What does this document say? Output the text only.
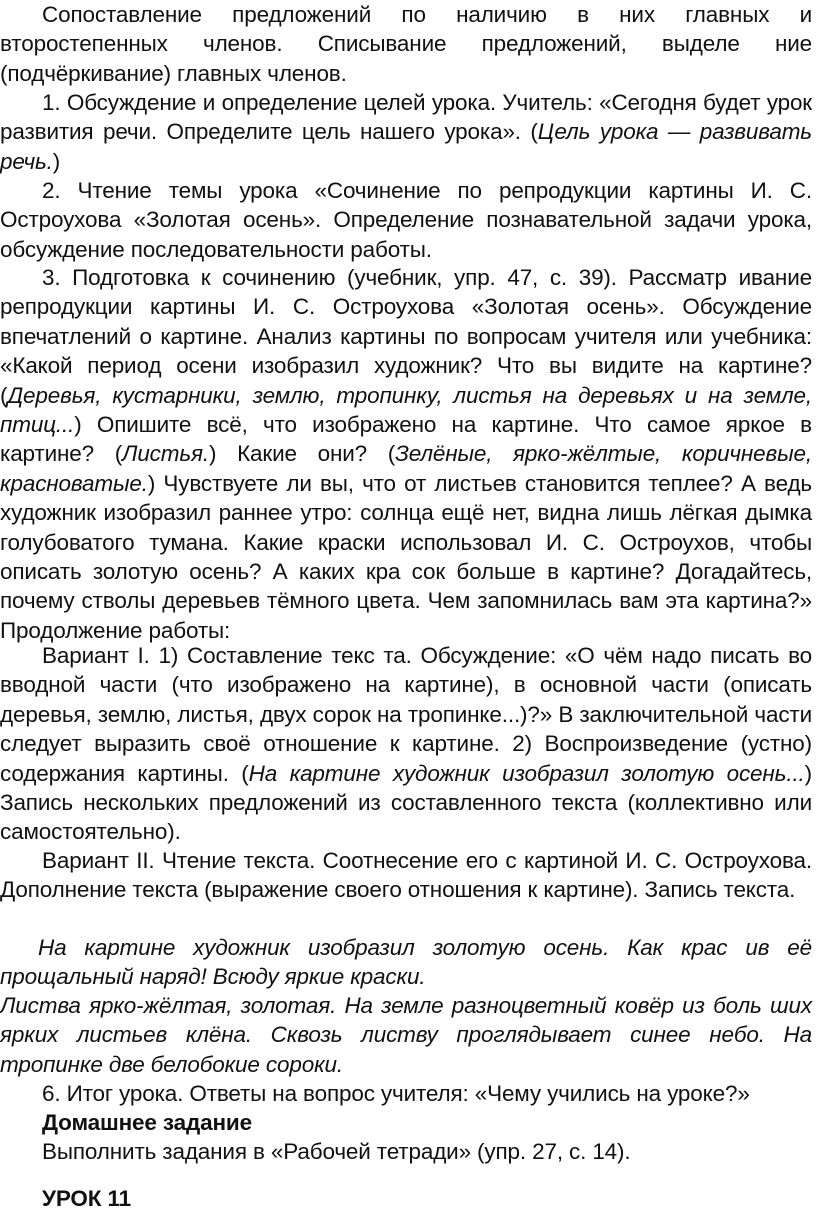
Сопоставление предложений по наличию в них главных и второстепенных членов. Списывание предложений, выделе ние (подчёркивание) главных членов.

1. Обсуждение и определение целей урока. Учитель: «Сегодня будет урок развития речи. Определите цель нашего урока». (Цель урока — развивать речь.)

2. Чтение темы урока «Сочинение по репродукции картины И. С. Остроухова «Золотая осень». Определение познавательной задачи урока, обсуждение последовательности работы.

3. Подготовка к сочинению (учебник, упр. 47, с. 39). Рассматр ивание репродукции картины И. С. Остроухова «Золотая осень». Обсуждение впечатлений о картине. Анализ картины по вопросам учителя или учебника: «Какой период осени изобразил художник? Что вы видите на картине? (Деревья, кустарники, землю, тропинку, листья на деревьях и на земле, птиц...) Опишите всё, что изображено на картине. Что самое яркое в картине? (Листья.) Какие они? (Зелёные, ярко-жёлтые, коричневые, красноватые.) Чувствуете ли вы, что от листьев становится теплее? А ведь художник изобразил раннее утро: солнца ещё нет, видна лишь лёгкая дымка голубоватого тумана. Какие краски использовал И. С. Остроухов, чтобы описать золотую осень? А каких кра сок больше в картине? Догадайтесь, почему стволы деревьев тёмного цвета. Чем запомнилась вам эта картина?» Продолжение работы:

Вариант I. 1) Составление текс та. Обсуждение: «О чём надо писать во вводной части (что изображено на картине), в основной части (описать деревья, землю, листья, двух сорок на тропинке...)?» В заключительной части следует выразить своё отношение к картине. 2) Воспроизведение (устно) содержания картины. (На картине художник изобразил золотую осень...) Запись нескольких предложений из составленного текста (коллективно или самостоятельно).

Вариант II. Чтение текста. Соотнесение его с картиной И. С. Остроухова. Дополнение текста (выражение своего отношения к картине). Запись текста.

На картине художник изобразил золотую осень. Как крас ив её прощальный наряд! Всюду яркие краски.

Листва ярко-жёлтая, золотая. На земле разноцветный ковёр из боль ших ярких листьев клёна. Сквозь листву проглядывает синее небо. На тропинке две белобокие сороки.

6. Итог урока. Ответы на вопрос учителя: «Чему учились на уроке?»

Домашнее задание

Выполнить задания в «Рабочей тетради» (упр. 27, с. 14).

УРОК 11
